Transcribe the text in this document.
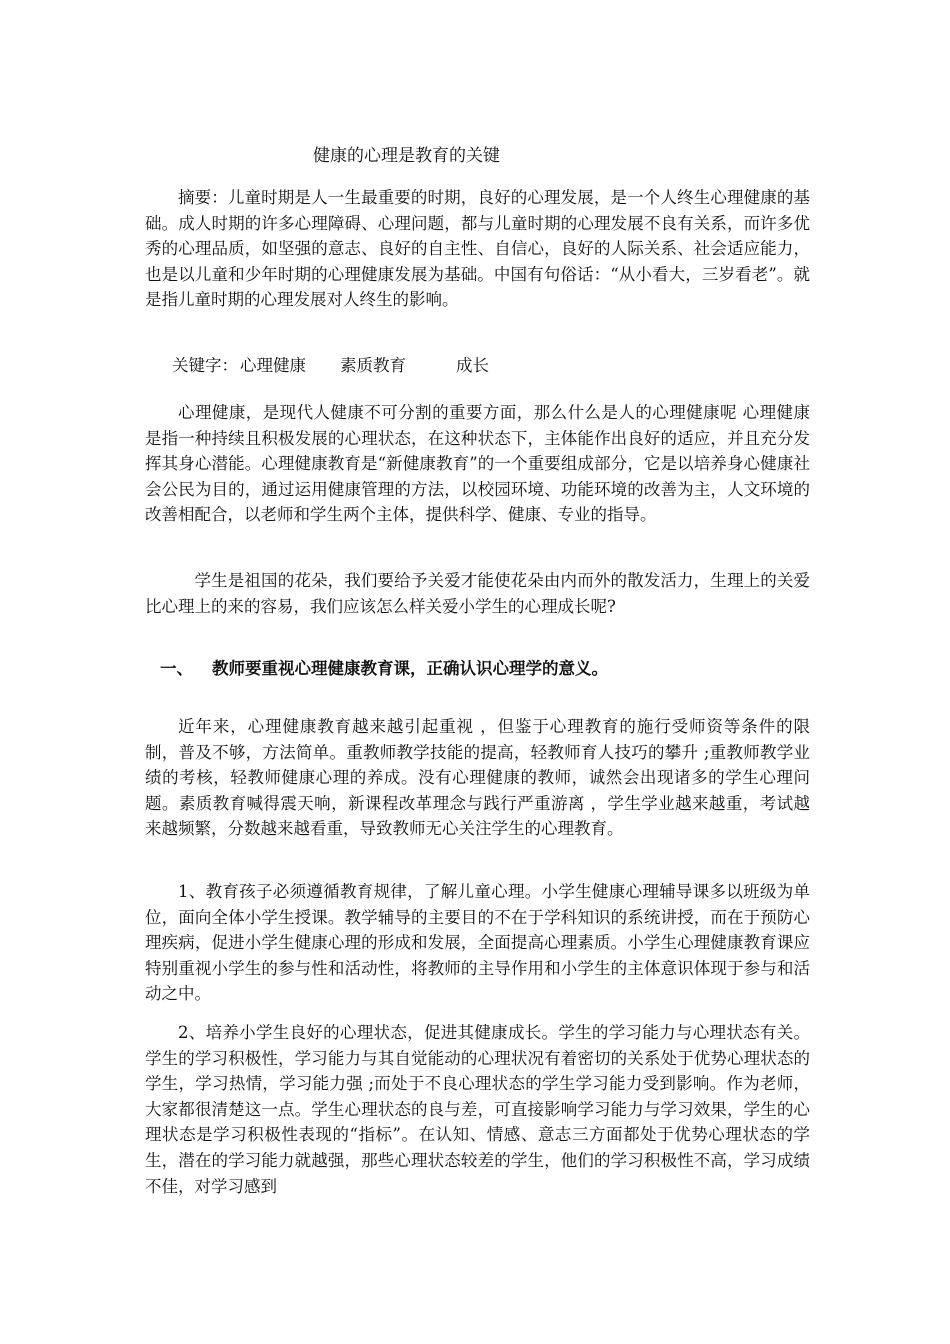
健康的心理是教育的关键

摘要：儿童时期是人一生最重要的时期，良好的心理发展，是一个人终生心理健康的基础。成人时期的许多心理障碍、心理问题，都与儿童时期的心理发展不良有关系，而许多优秀的心理品质，如坚强的意志、良好的自主性、自信心，良好的人际关系、社会适应能力，也是以儿童和少年时期的心理健康发展为基础。中国有句俗话：“从小看大，三岁看老”。就是指儿童时期的心理发展对人终生的影响。

关键字： 心理健康 素质教育	成长

心理健康，是现代人健康不可分割的重要方面，那么什么是人的心理健康呢 心理健康是指一种持续且积极发展的心理状态，在这种状态下，主体能作出良好的适应，并且充分发挥其身心潜能。心理健康教育是“新健康教育”的一个重要组成部分，它是以培养身心健康社会公民为目的，通过运用健康管理的方法，以校园环境、功能环境的改善为主，人文环境的改善相配合，以老师和学生两个主体，提供科学、健康、专业的指导。

学生是祖国的花朵，我们要给予关爱才能使花朵由内而外的散发活力，生理上的关爱比心理上的来的容易，我们应该怎么样关爱小学生的心理成长呢?

一、 教师要重视心理健康教育课，正确认识心理学的意义。

近年来，心理健康教育越来越引起重视 ，但鉴于心理教育的施行受师资等条件的限制，普及不够，方法简单。重教师教学技能的提高，轻教师育人技巧的攀升 ;重教师教学业绩的考核，轻教师健康心理的养成。没有心理健康的教师，诚然会出现诸多的学生心理问题。素质教育喊得震天响，新课程改革理念与践行严重游离 ，学生学业越来越重，考试越来越频繁，分数越来越看重，导致教师无心关注学生的心理教育。

1、教育孩子必须遵循教育规律，了解儿童心理。小学生健康心理辅导课多以班级为单位，面向全体小学生授课。教学辅导的主要目的不在于学科知识的系统讲授，而在于预防心理疾病，促进小学生健康心理的形成和发展，全面提高心理素质。小学生心理健康教育课应特别重视小学生的参与性和活动性，将教师的主导作用和小学生的主体意识体现于参与和活动之中。

2、培养小学生良好的心理状态，促进其健康成长。学生的学习能力与心理状态有关。学生的学习积极性，学习能力与其自觉能动的心理状况有着密切的关系处于优势心理状态的学生，学习热情，学习能力强 ;而处于不良心理状态的学生学习能力受到影响。作为老师，大家都很清楚这一点。学生心理状态的良与差，可直接影响学习能力与学习效果，学生的心理状态是学习积极性表现的“指标”。在认知、情感、意志三方面都处于优势心理状态的学生，潜在的学习能力就越强，那些心理状态较差的学生，他们的学习积极性不高，学习成绩不佳，对学习感到
